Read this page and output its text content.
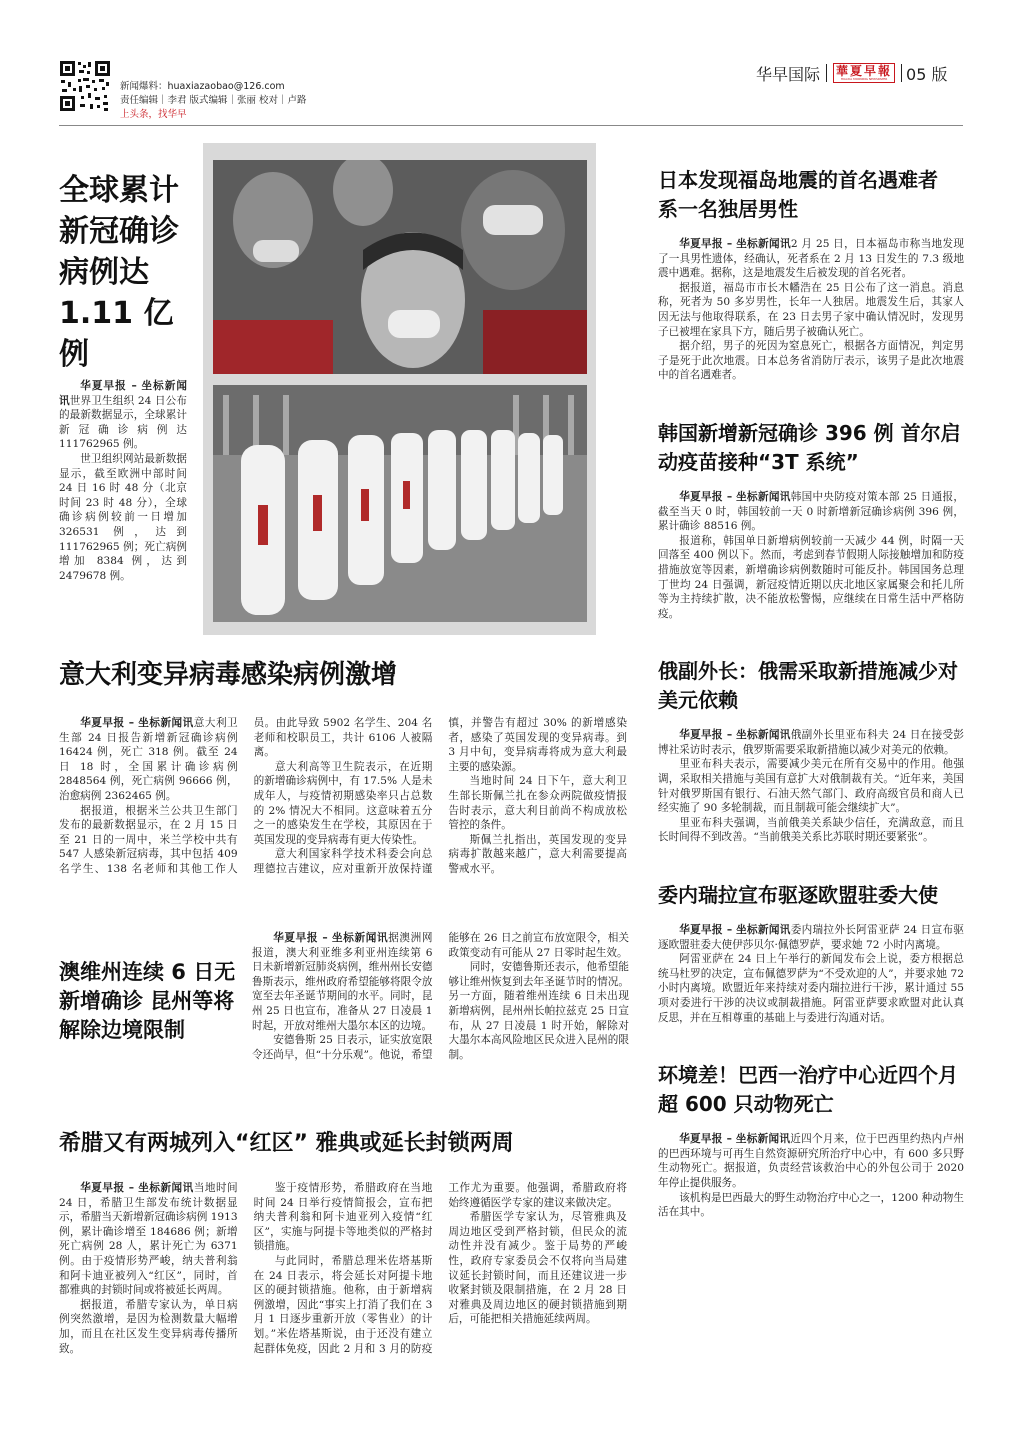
新闻爆料：huaxiazaobao@126.com
责任编辑｜李君 版式编辑｜张丽 校对｜卢路
上头条，找华早
华早国际 華夏早報
HUAXIA MORNING NEWSPAPER 05 版
全球累计新冠确诊病例达 1.11 亿例

华夏早报 – 坐标新闻讯世界卫生组织 24 日公布的最新数据显示，全球累计新冠确诊病例达 111762965 例。

世卫组织网站最新数据显示，截至欧洲中部时间 24 日 16 时 48 分（北京时间 23 时 48 分），全球确诊病例较前一日增加 326531 例，达到 111762965 例；死亡病例增加 8384 例，达到 2479678 例。

意大利变异病毒感染病例激增

华夏早报 – 坐标新闻讯意大利卫生部 24 日报告新增新冠确诊病例 16424 例，死亡 318 例。截至 24 日 18 时，全国累计确诊病例 2848564 例，死亡病例 96666 例，治愈病例 2362465 例。

据报道，根据米兰公共卫生部门发布的最新数据显示，在 2 月 15 日至 21 日的一周中，米兰学校中共有 547 人感染新冠病毒，其中包括 409 名学生、138 名老师和其他工作人员。由此导致 5902 名学生、204 名老师和校职员工，共计 6106 人被隔离。

意大利高等卫生院表示，在近期的新增确诊病例中，有 17.5% 人是未成年人，与疫情初期感染率只占总数的 2% 情况大不相同。这意味着五分之一的感染发生在学校，其原因在于英国发现的变异病毒有更大传染性。

意大利国家科学技术科委会向总理德拉吉建议，应对重新开放保持谨慎，并警告有超过 30% 的新增感染者，感染了英国发现的变异病毒。到 3 月中旬，变异病毒将成为意大利最主要的感染源。

当地时间 24 日下午，意大利卫生部长斯佩兰扎在参众两院做疫情报告时表示，意大利目前尚不构成放松管控的条件。

斯佩兰扎指出，英国发现的变异病毒扩散越来越广，意大利需要提高警戒水平。

澳维州连续 6 日无新增确诊 昆州等将解除边境限制

华夏早报 – 坐标新闻讯据澳洲网报道，澳大利亚维多利亚州连续第 6 日未新增新冠肺炎病例，维州州长安德鲁斯表示，维州政府希望能够将限令放宽至去年圣诞节期间的水平。同时，昆州 25 日也宣布，准备从 27 日凌晨 1 时起，开放对维州大墨尔本区的边境。

安德鲁斯 25 日表示，证实放宽限令还尚早，但“十分乐观”。他说，希望能够在 26 日之前宣布放宽限令，相关政策变动有可能从 27 日零时起生效。

同时，安德鲁斯还表示，他希望能够让维州恢复到去年圣诞节时的情况。另一方面，随着维州连续 6 日未出现新增病例，昆州州长帕拉兹克 25 日宣布，从 27 日凌晨 1 时开始，解除对大墨尔本高风险地区民众进入昆州的限制。

希腊又有两城列入“红区” 雅典或延长封锁两周

华夏早报 – 坐标新闻讯当地时间 24 日，希腊卫生部发布统计数据显示，希腊当天新增新冠确诊病例 1913 例，累计确诊增至 184686 例；新增死亡病例 28 人，累计死亡为 6371 例。由于疫情形势严峻，纳夫普利翁和阿卡迪亚被列入“红区”，同时，首都雅典的封锁时间或将被延长两周。

据报道，希腊专家认为，单日病例突然激增，是因为检测数量大幅增加，而且在社区发生变异病毒传播所致。

鉴于疫情形势，希腊政府在当地时间 24 日举行疫情简报会，宣布把纳夫普利翁和阿卡迪亚列入疫情“红区”，实施与阿提卡等地类似的严格封锁措施。

与此同时，希腊总理米佐塔基斯在 24 日表示，将会延长对阿提卡地区的硬封锁措施。他称，由于新增病例激增，因此“事实上打消了我们在 3 月 1 日逐步重新开放（零售业）的计划。”米佐塔基斯说，由于还没有建立起群体免疫，因此 2 月和 3 月的防疫工作尤为重要。他强调，希腊政府将始终遵循医学专家的建议来做决定。

希腊医学专家认为，尽管雅典及周边地区受到严格封锁，但民众的流动性并没有减少。鉴于局势的严峻性，政府专家委员会不仅将向当局建议延长封锁时间，而且还建议进一步收紧封锁及限制措施，在 2 月 28 日对雅典及周边地区的硬封锁措施到期后，可能把相关措施延续两周。

日本发现福岛地震的首名遇难者 系一名独居男性

华夏早报 – 坐标新闻讯2 月 25 日，日本福岛市称当地发现了一具男性遗体，经确认，死者系在 2 月 13 日发生的 7.3 级地震中遇难。据称，这是地震发生后被发现的首名死者。

据报道，福岛市市长木幡浩在 25 日公布了这一消息。消息称，死者为 50 多岁男性，长年一人独居。地震发生后，其家人因无法与他取得联系，在 23 日去男子家中确认情况时，发现男子已被埋在家具下方，随后男子被确认死亡。

据介绍，男子的死因为窒息死亡，根据各方面情况，判定男子是死于此次地震。日本总务省消防厅表示，该男子是此次地震中的首名遇难者。

韩国新增新冠确诊 396 例 首尔启动疫苗接种“3T 系统”

华夏早报 – 坐标新闻讯韩国中央防疫对策本部 25 日通报，截至当天 0 时，韩国较前一天 0 时新增新冠确诊病例 396 例，累计确诊 88516 例。

报道称，韩国单日新增病例较前一天减少 44 例，时隔一天回落至 400 例以下。然而，考虑到春节假期人际接触增加和防疫措施放宽等因素，新增确诊病例数随时可能反扑。韩国国务总理丁世均 24 日强调，新冠疫情近期以庆北地区家属聚会和托儿所等为主持续扩散，决不能放松警惕，应继续在日常生活中严格防疫。

俄副外长：俄需采取新措施减少对美元依赖

华夏早报 – 坐标新闻讯俄副外长里亚布科夫 24 日在接受彭博社采访时表示，俄罗斯需要采取新措施以减少对美元的依赖。

里亚布科夫表示，需要减少美元在所有交易中的作用。他强调，采取相关措施与美国有意扩大对俄制裁有关。“近年来，美国针对俄罗斯国有银行、石油天然气部门、政府高级官员和商人已经实施了 90 多轮制裁，而且制裁可能会继续扩大”。

里亚布科夫强调，当前俄美关系缺少信任，充满敌意，而且长时间得不到改善。“当前俄美关系比苏联时期还要紧张”。

委内瑞拉宣布驱逐欧盟驻委大使

华夏早报 – 坐标新闻讯委内瑞拉外长阿雷亚萨 24 日宣布驱逐欧盟驻委大使伊莎贝尔·佩德罗萨，要求她 72 小时内离境。

阿雷亚萨在 24 日上午举行的新闻发布会上说，委方根据总统马杜罗的决定，宣布佩德罗萨为“不受欢迎的人”，并要求她 72 小时内离境。欧盟近年来持续对委内瑞拉进行干涉，累计通过 55 项对委进行干涉的决议或制裁措施。阿雷亚萨要求欧盟对此认真反思，并在互相尊重的基础上与委进行沟通对话。

环境差！巴西一治疗中心近四个月超 600 只动物死亡

华夏早报 – 坐标新闻讯近四个月来，位于巴西里约热内卢州的巴西环境与可再生自然资源研究所治疗中心中，有 600 多只野生动物死亡。据报道，负责经营该救治中心的外包公司于 2020 年停止提供服务。

该机构是巴西最大的野生动物治疗中心之一，1200 种动物生活在其中。
